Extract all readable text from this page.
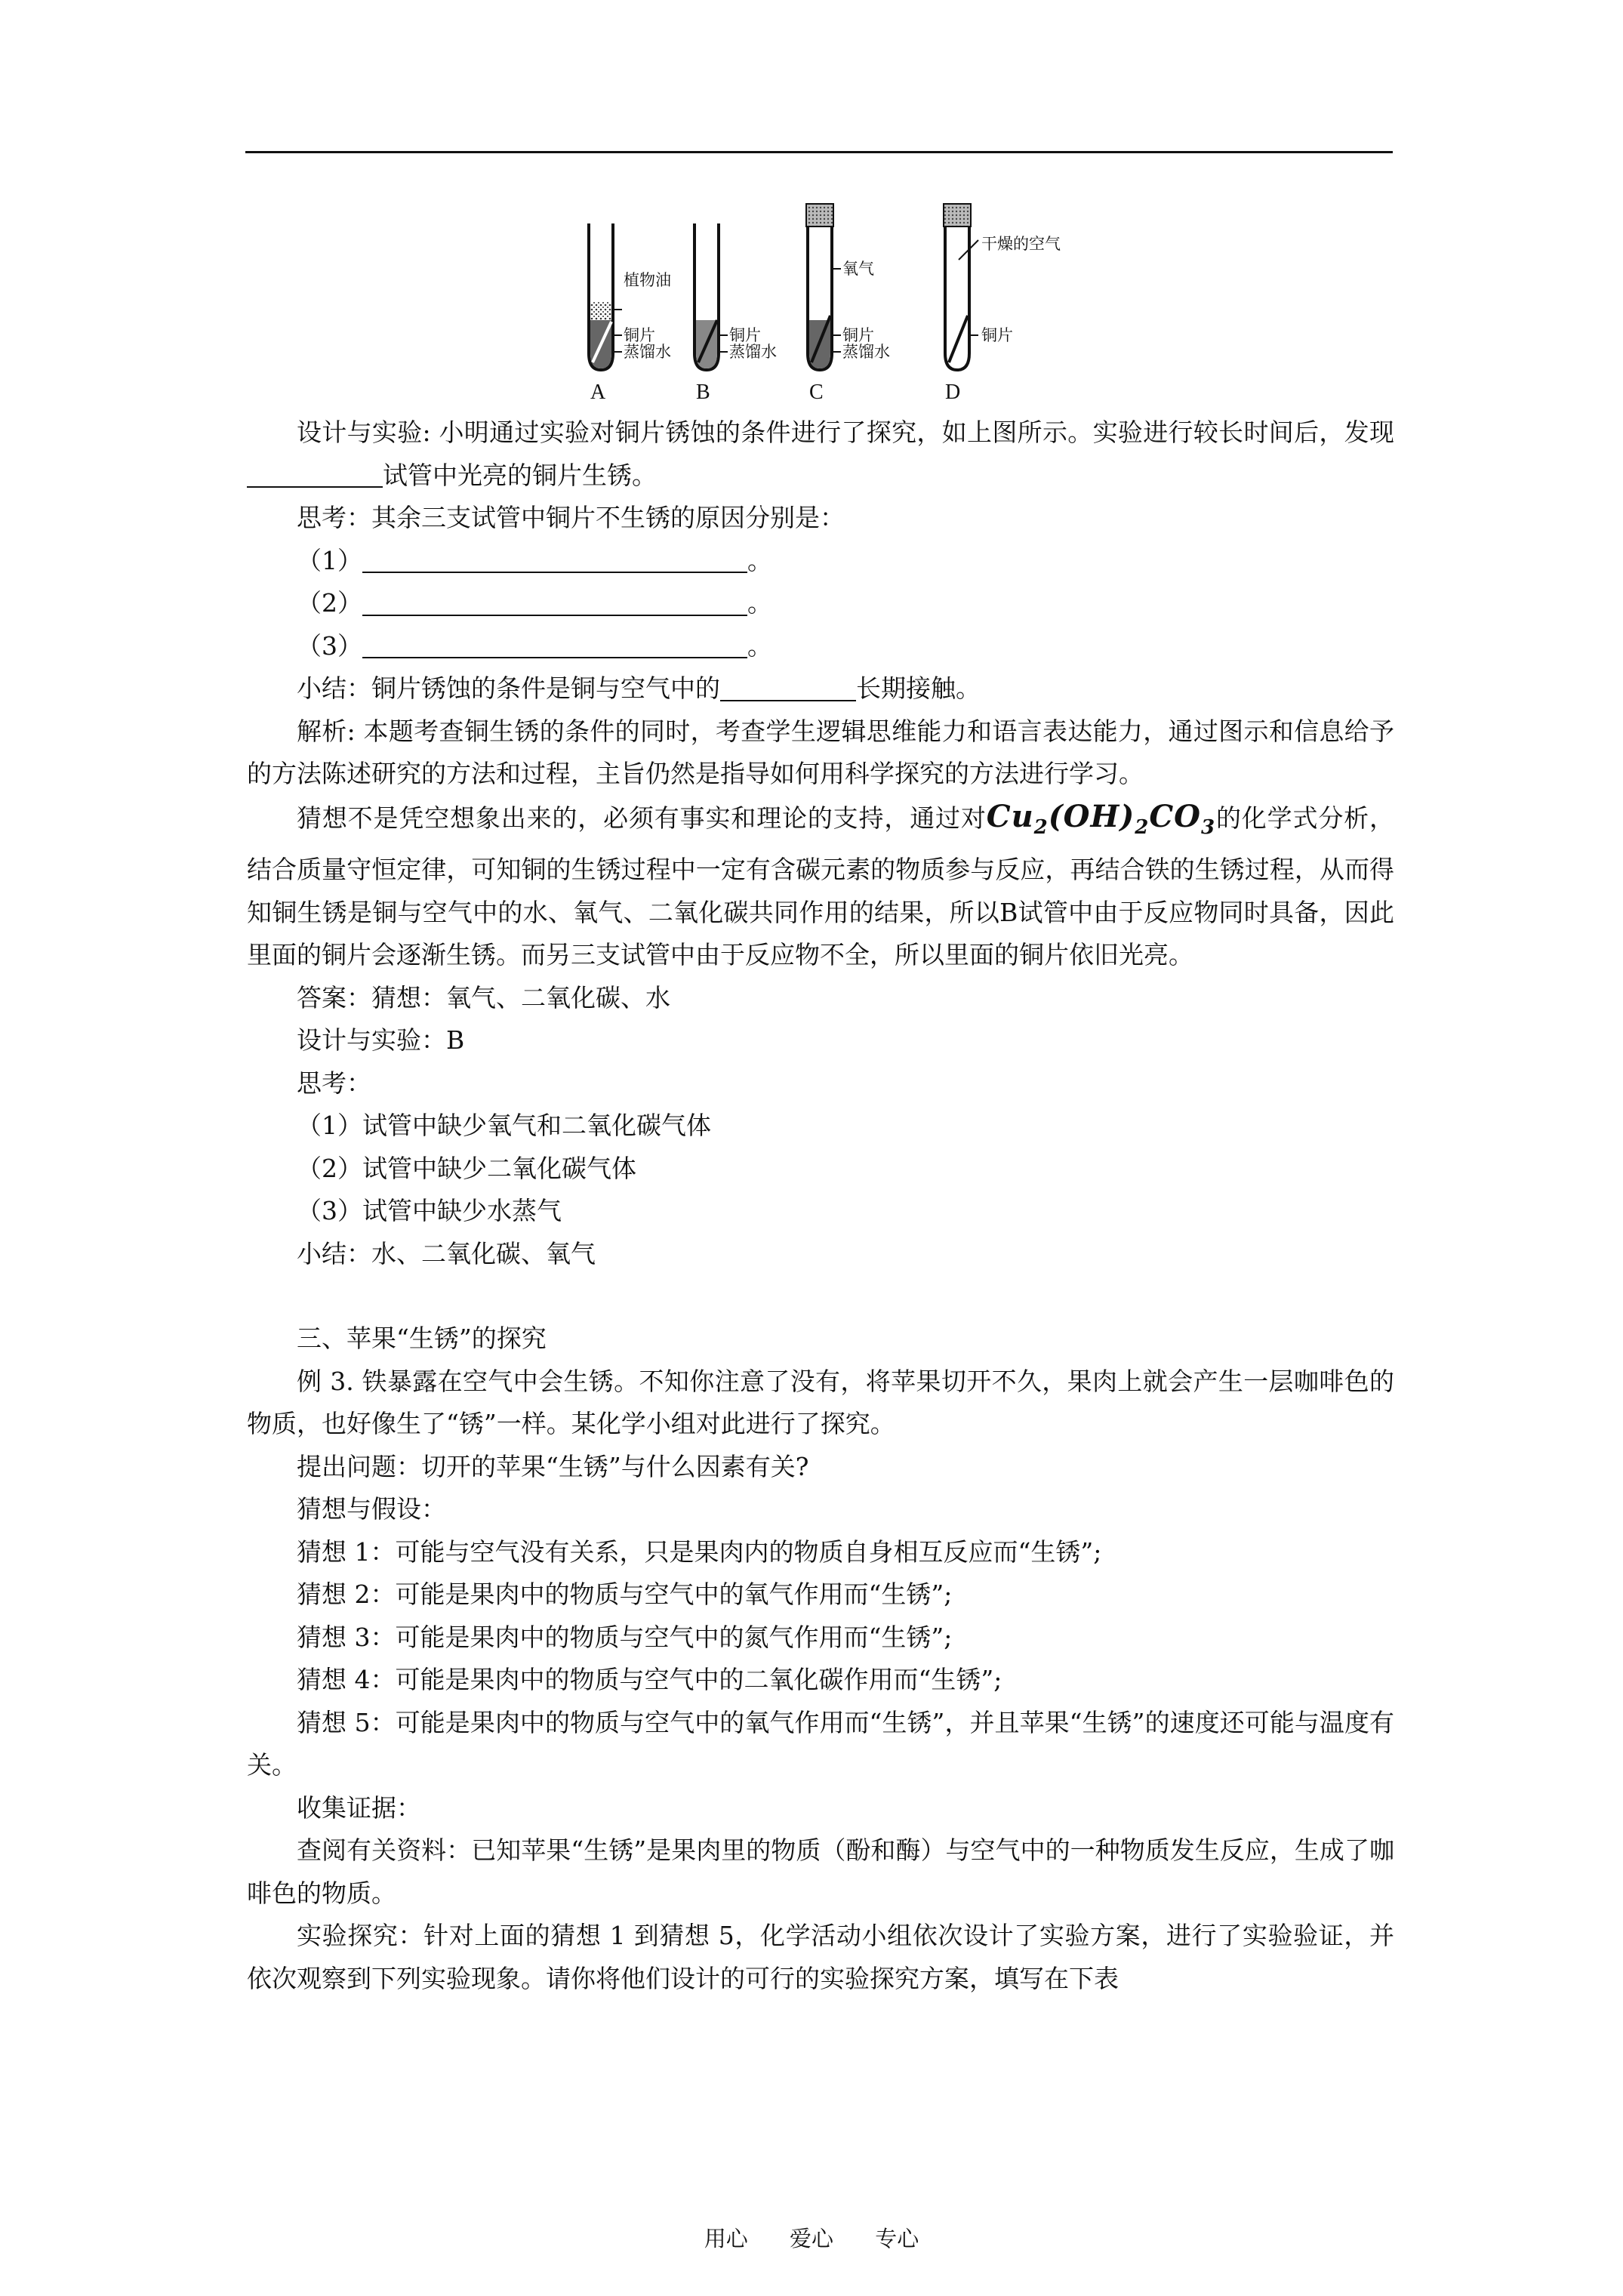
植物油
铜片
蒸馏水
A
铜片
蒸馏水
B
氧气
铜片
蒸馏水
C
干燥的空气
铜片
D

设计与实验: 小明通过实验对铜片锈蚀的条件进行了探究，如上图所示。实验进行较长时间后，发现试管中光亮的铜片生锈。

思考：其余三支试管中铜片不生锈的原因分别是：

（1）	。

（2）	。

（3）	。

小结：铜片锈蚀的条件是铜与空气中的	长期接触。

解析: 本题考查铜生锈的条件的同时，考查学生逻辑思维能力和语言表达能力，通过图示和信息给予的方法陈述研究的方法和过程，主旨仍然是指导如何用科学探究的方法进行学习。

猜想不是凭空想象出来的，必须有事实和理论的支持，通过对$Cu_2(OH)_2CO_3$的化学式分析，结合质量守恒定律，可知铜的生锈过程中一定有含碳元素的物质参与反应，再结合铁的生锈过程，从而得知铜生锈是铜与空气中的水、氧气、二氧化碳共同作用的结果，所以B试管中由于反应物同时具备，因此里面的铜片会逐渐生锈。而另三支试管中由于反应物不全，所以里面的铜片依旧光亮。

答案：猜想：氧气、二氧化碳、水

设计与实验：B

思考：

（1）试管中缺少氧气和二氧化碳气体

（2）试管中缺少二氧化碳气体

（3）试管中缺少水蒸气

小结：水、二氧化碳、氧气

三、苹果“生锈”的探究

例 3. 铁暴露在空气中会生锈。不知你注意了没有，将苹果切开不久，果肉上就会产生一层咖啡色的物质，也好像生了“锈”一样。某化学小组对此进行了探究。

提出问题：切开的苹果“生锈”与什么因素有关?

猜想与假设：

猜想 1：可能与空气没有关系，只是果肉内的物质自身相互反应而“生锈”;

猜想 2：可能是果肉中的物质与空气中的氧气作用而“生锈”;

猜想 3：可能是果肉中的物质与空气中的氮气作用而“生锈”;

猜想 4：可能是果肉中的物质与空气中的二氧化碳作用而“生锈”;

猜想 5：可能是果肉中的物质与空气中的氧气作用而“生锈”，并且苹果“生锈”的速度还可能与温度有关。

收集证据：

查阅有关资料：已知苹果“生锈”是果肉里的物质（酚和酶）与空气中的一种物质发生反应，生成了咖啡色的物质。

实验探究：针对上面的猜想 1 到猜想 5，化学活动小组依次设计了实验方案，进行了实验验证，并依次观察到下列实验现象。请你将他们设计的可行的实验探究方案，填写在下表

用心 爱心 专心
